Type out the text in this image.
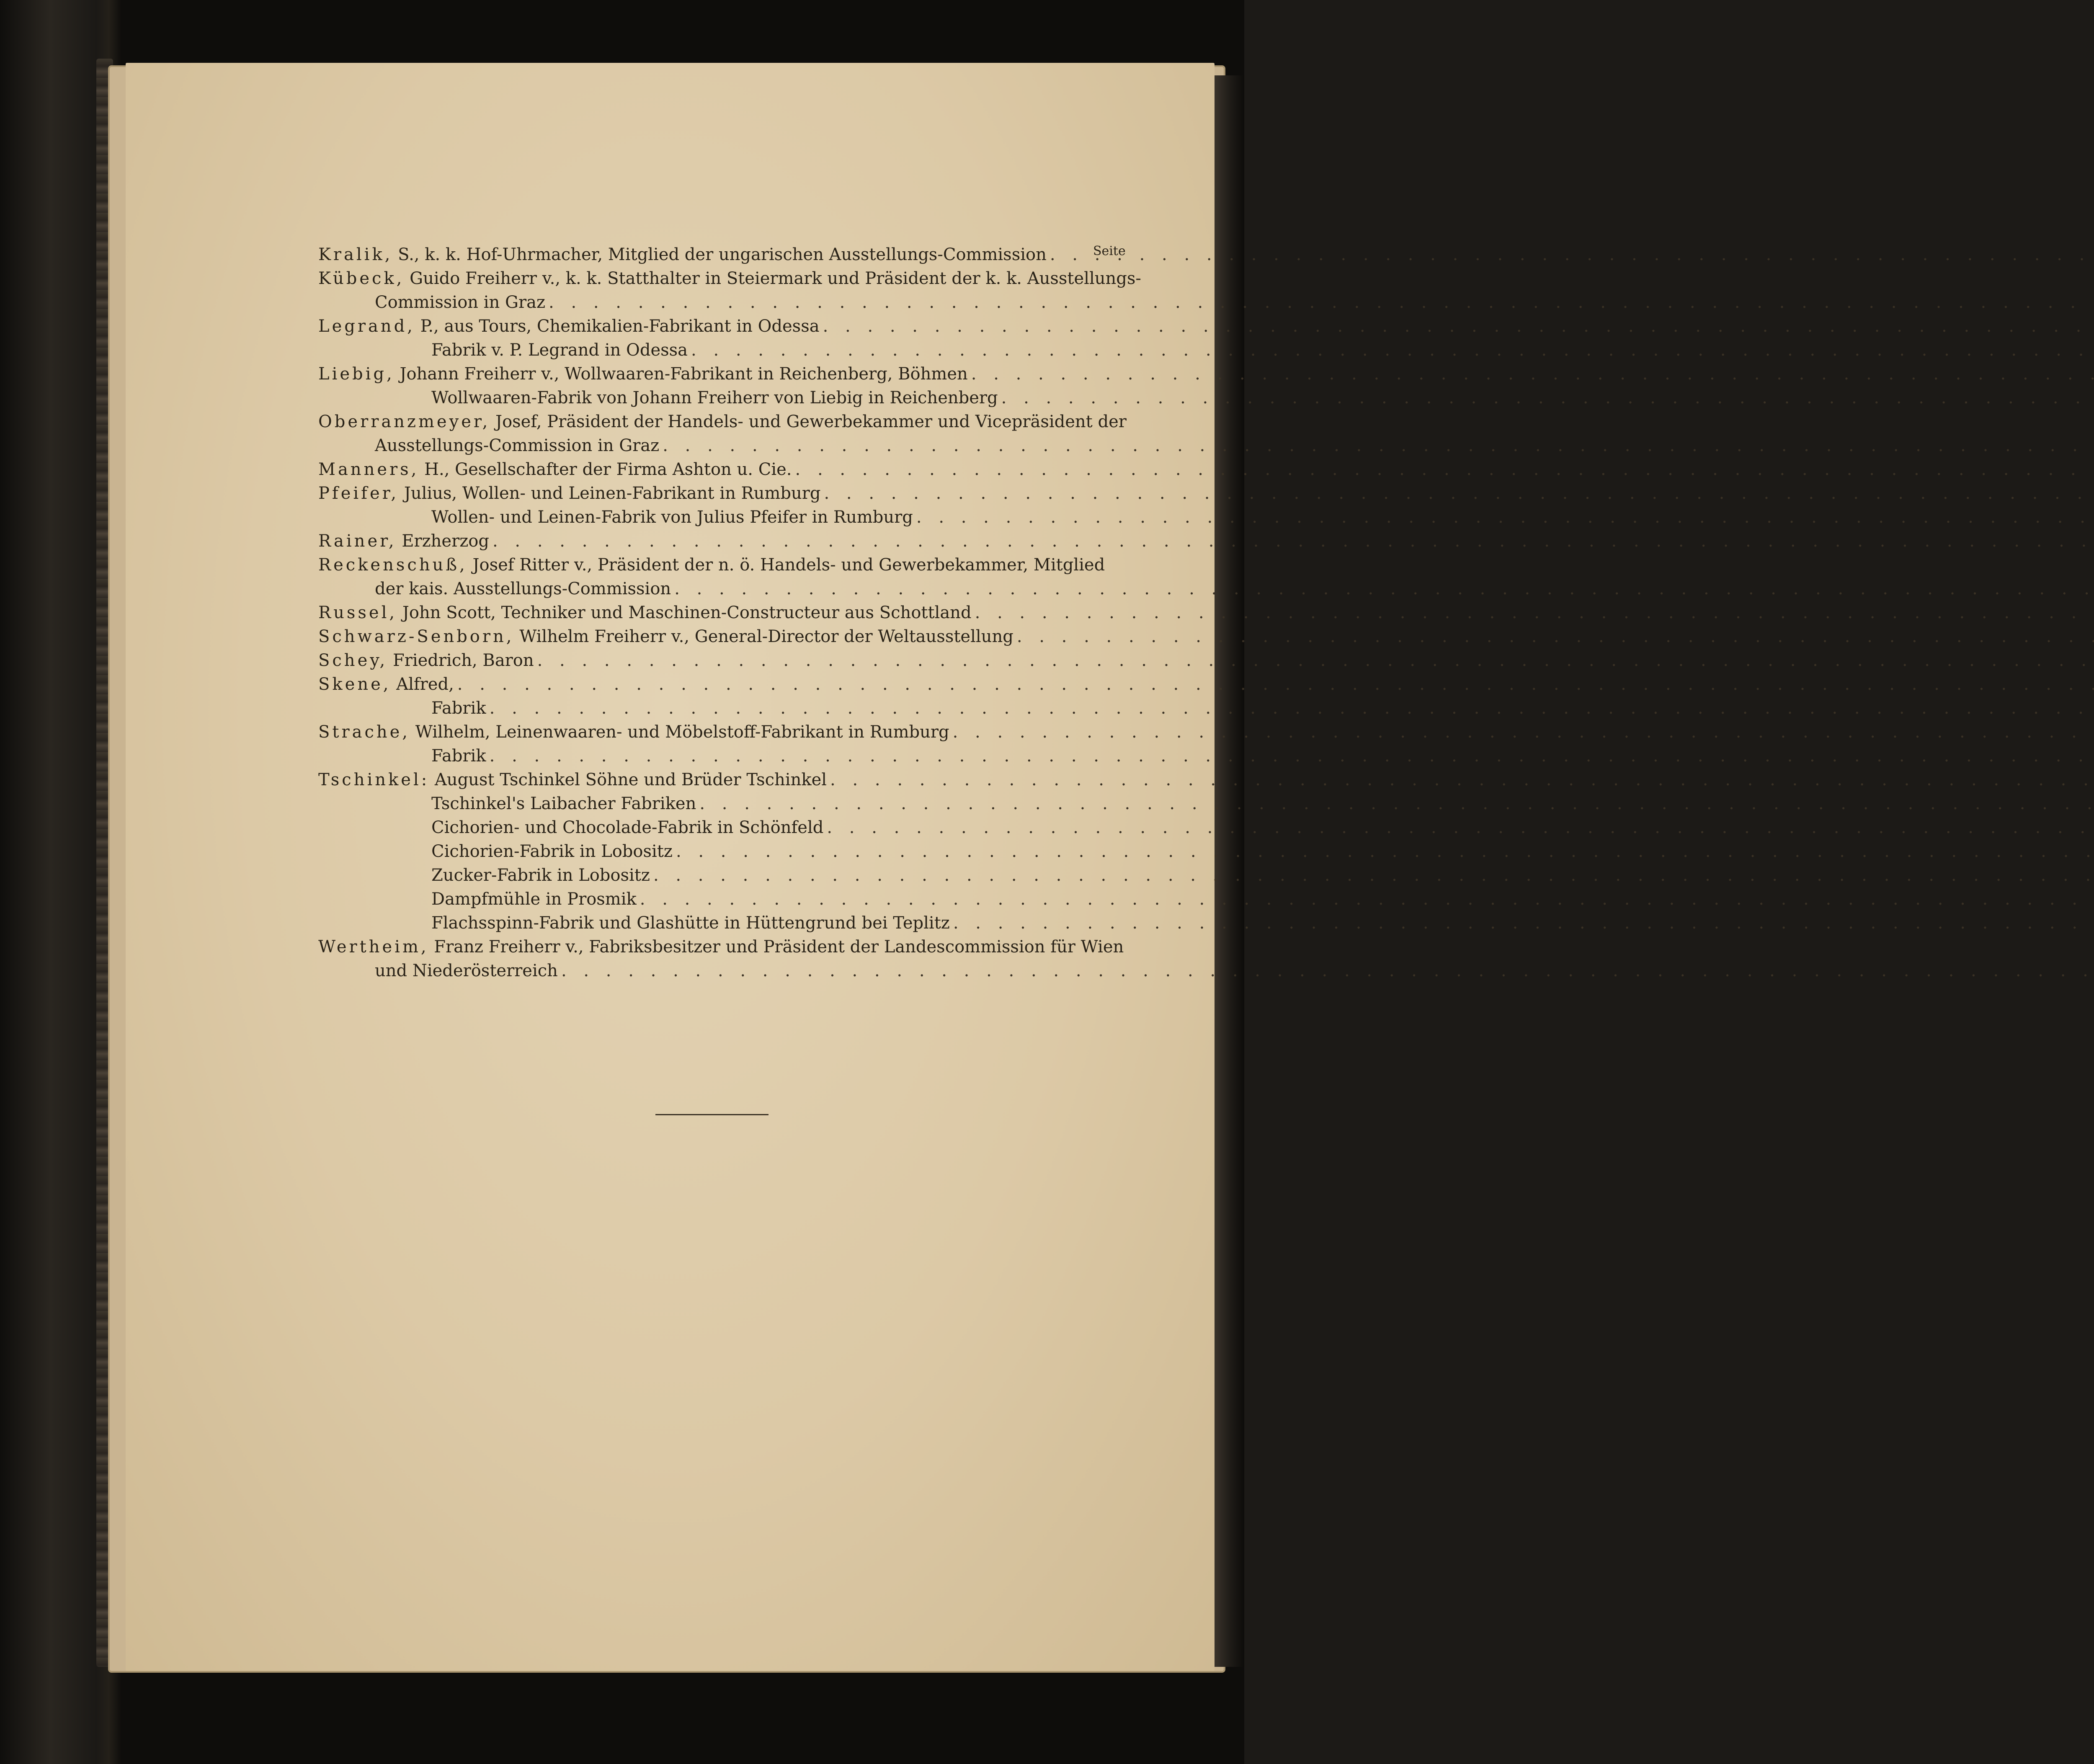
Seite
Kralik, S., k. k. Hof-Uhrmacher, Mitglied der ungarischen Ausstellungs-Commission
. . .
Kübeck, Guido Freiherr v., k. k. Statthalter in Steiermark und Präsident der k. k. Ausstellungs-
Commission in Graz
. . .
Legrand, P., aus Tours, Chemikalien-Fabrikant in Odessa
. . .
Fabrik v. P. Legrand in Odessa
. . .
Liebig, Johann Freiherr v., Wollwaaren-Fabrikant in Reichenberg, Böhmen
. . .
Wollwaaren-Fabrik von Johann Freiherr von Liebig in Reichenberg
. . .
Oberranzmeyer, Josef, Präsident der Handels- und Gewerbekammer und Vicepräsident der
Ausstellungs-Commission in Graz
. . .
Manners, H., Gesellschafter der Firma Ashton u. Cie.
. . .
Pfeifer, Julius, Wollen- und Leinen-Fabrikant in Rumburg
. . .
Wollen- und Leinen-Fabrik von Julius Pfeifer in Rumburg
. . .
Rainer, Erzherzog
. . .
Reckenschuß, Josef Ritter v., Präsident der n. ö. Handels- und Gewerbekammer, Mitglied
der kais. Ausstellungs-Commission
. . .
Russel, John Scott, Techniker und Maschinen-Constructeur aus Schottland
. . .
Schwarz-Senborn, Wilhelm Freiherr v., General-Director der Weltausstellung
. . .
Schey, Friedrich, Baron
. . .
Skene, Alfred,
. . .
Fabrik
. . .
Strache, Wilhelm, Leinenwaaren- und Möbelstoff-Fabrikant in Rumburg
. . .
Fabrik
. . .
Tschinkel: August Tschinkel Söhne und Brüder Tschinkel
. . .
Tschinkel's Laibacher Fabriken
. . .
Cichorien- und Chocolade-Fabrik in Schönfeld
. . .
Cichorien-Fabrik in Lobositz
. . .
Zucker-Fabrik in Lobositz
. . .
Dampfmühle in Prosmik
. . .
Flachsspinn-Fabrik und Glashütte in Hüttengrund bei Teplitz
. . .
Wertheim, Franz Freiherr v., Fabriksbesitzer und Präsident der Landescommission für Wien
und Niederösterreich
. . .
